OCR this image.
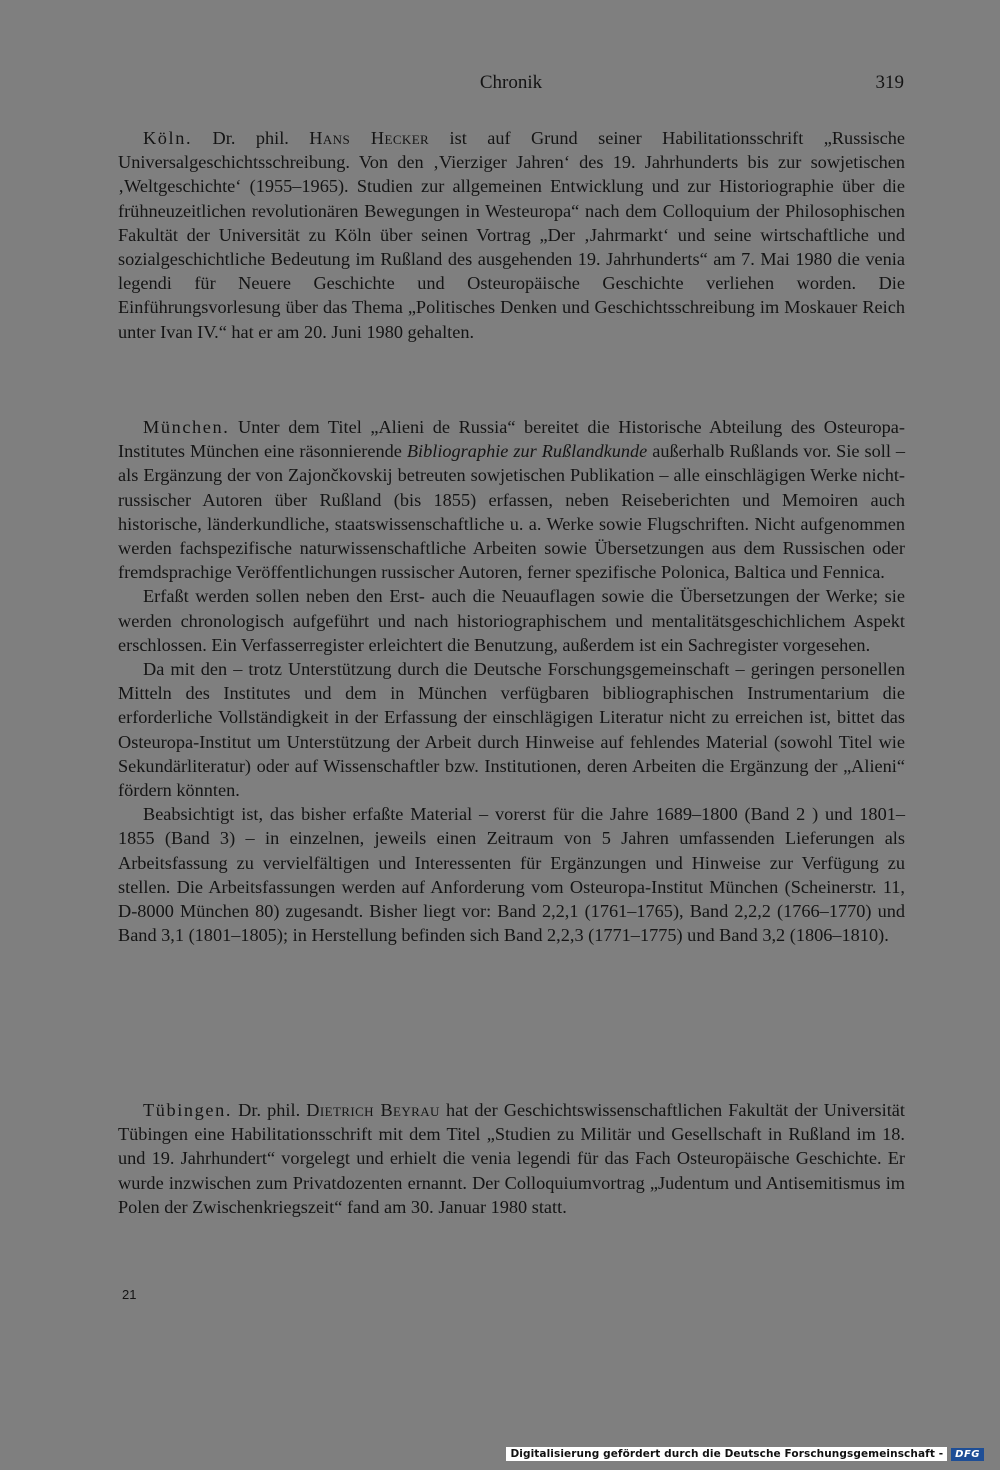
Chronik	319

Köln. Dr. phil. Hans Hecker ist auf Grund seiner Habilitationsschrift „Russische Universalgeschichtsschreibung. Von den ‚Vierziger Jahren‘ des 19. Jahrhunderts bis zur sowjetischen ‚Weltgeschichte‘ (1955–1965). Studien zur allgemeinen Entwicklung und zur Historiographie über die frühneuzeitlichen revolutionären Bewegungen in Westeuropa“ nach dem Colloquium der Philosophischen Fakultät der Universität zu Köln über seinen Vortrag „Der ‚Jahrmarkt‘ und seine wirtschaftliche und sozialgeschichtliche Bedeutung im Rußland des ausgehenden 19. Jahrhunderts“ am 7. Mai 1980 die venia legendi für Neuere Geschichte und Osteuropäische Geschichte verliehen worden. Die Einführungsvorlesung über das Thema „Politisches Denken und Geschichtsschreibung im Moskauer Reich unter Ivan IV.“ hat er am 20. Juni 1980 gehalten.

München. Unter dem Titel „Alieni de Russia“ bereitet die Historische Abteilung des Osteuropa-Institutes München eine räsonnierende Bibliographie zur Rußlandkunde außerhalb Rußlands vor. Sie soll – als Ergänzung der von Zajončkovskij betreuten sowjetischen Publikation – alle einschlägigen Werke nicht-russischer Autoren über Rußland (bis 1855) erfassen, neben Reiseberichten und Memoiren auch historische, länderkundliche, staatswissenschaftliche u. a. Werke sowie Flugschriften. Nicht aufgenommen werden fachspezifische naturwissenschaftliche Arbeiten sowie Übersetzungen aus dem Russischen oder fremdsprachige Veröffentlichungen russischer Autoren, ferner spezifische Polonica, Baltica und Fennica.

Erfaßt werden sollen neben den Erst- auch die Neuauflagen sowie die Übersetzungen der Werke; sie werden chronologisch aufgeführt und nach historiographischem und mentalitätsgeschichlichem Aspekt erschlossen. Ein Verfasserregister erleichtert die Benutzung, außerdem ist ein Sachregister vorgesehen.

Da mit den – trotz Unterstützung durch die Deutsche Forschungsgemeinschaft – geringen personellen Mitteln des Institutes und dem in München verfügbaren bibliographischen Instrumentarium die erforderliche Vollständigkeit in der Erfassung der einschlägigen Literatur nicht zu erreichen ist, bittet das Osteuropa-Institut um Unterstützung der Arbeit durch Hinweise auf fehlendes Material (sowohl Titel wie Sekundärliteratur) oder auf Wissenschaftler bzw. Institutionen, deren Arbeiten die Ergänzung der „Alieni“ fördern könnten.

Beabsichtigt ist, das bisher erfaßte Material – vorerst für die Jahre 1689–1800 (Band 2 ) und 1801–1855 (Band 3) – in einzelnen, jeweils einen Zeitraum von 5 Jahren umfassenden Lieferungen als Arbeitsfassung zu vervielfältigen und Interessenten für Ergänzungen und Hinweise zur Verfügung zu stellen. Die Arbeitsfassungen werden auf Anforderung vom Osteuropa-Institut München (Scheinerstr. 11, D-8000 München 80) zugesandt. Bisher liegt vor: Band 2,2,1 (1761–1765), Band 2,2,2 (1766–1770) und Band 3,1 (1801–1805); in Herstellung befinden sich Band 2,2,3 (1771–1775) und Band 3,2 (1806–1810).

Tübingen. Dr. phil. Dietrich Beyrau hat der Geschichtswissenschaftlichen Fakultät der Universität Tübingen eine Habilitationsschrift mit dem Titel „Studien zu Militär und Gesellschaft in Rußland im 18. und 19. Jahrhundert“ vorgelegt und erhielt die venia legendi für das Fach Osteuropäische Geschichte. Er wurde inzwischen zum Privatdozenten ernannt. Der Colloquiumvortrag „Judentum und Antisemitismus im Polen der Zwischenkriegszeit“ fand am 30. Januar 1980 statt.

21
Digitalisierung gefördert durch die Deutsche Forschungsgemeinschaft -	DFG
